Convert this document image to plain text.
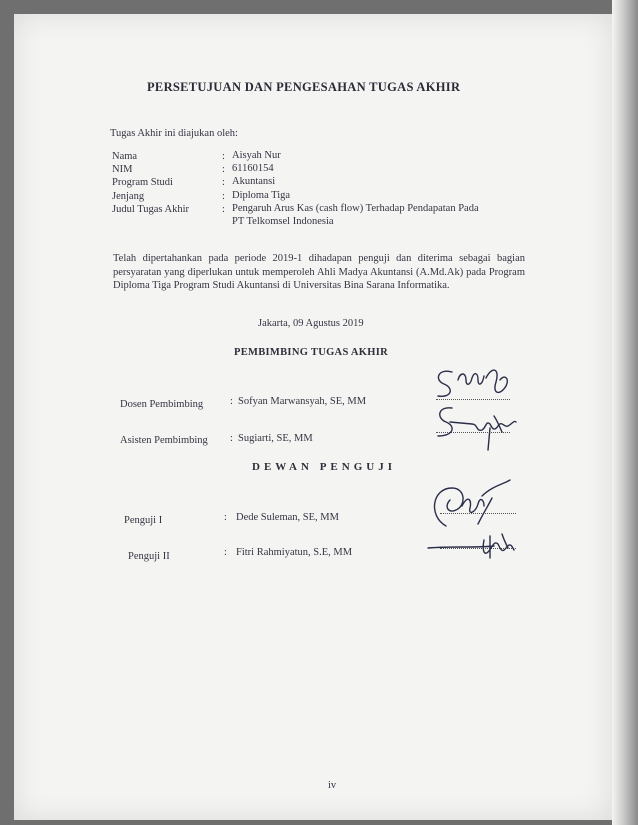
PERSETUJUAN DAN PENGESAHAN TUGAS AKHIR
Tugas Akhir ini diajukan oleh:
Nama	: Aisyah Nur
NIM	: 61160154
Program Studi	: Akuntansi
Jenjang	: Diploma Tiga
Judul Tugas Akhir	: Pengaruh Arus Kas (cash flow) Terhadap Pendapatan Pada
PT Telkomsel Indonesia
Telah dipertahankan pada periode 2019-1 dihadapan penguji dan diterima sebagai bagian persyaratan yang diperlukan untuk memperoleh Ahli Madya Akuntansi (A.Md.Ak) pada Program Diploma Tiga Program Studi Akuntansi di Universitas Bina Sarana Informatika.
Jakarta, 09 Agustus 2019
PEMBIMBING TUGAS AKHIR
Dosen Pembimbing	: Sofyan Marwansyah, SE, MM
Asisten Pembimbing : Sugiarti, SE, MM
DEWAN PENGUJI
Penguji I	: Dede Suleman, SE, MM
Penguji II	: Fitri Rahmiyatun, S.E, MM
iv
